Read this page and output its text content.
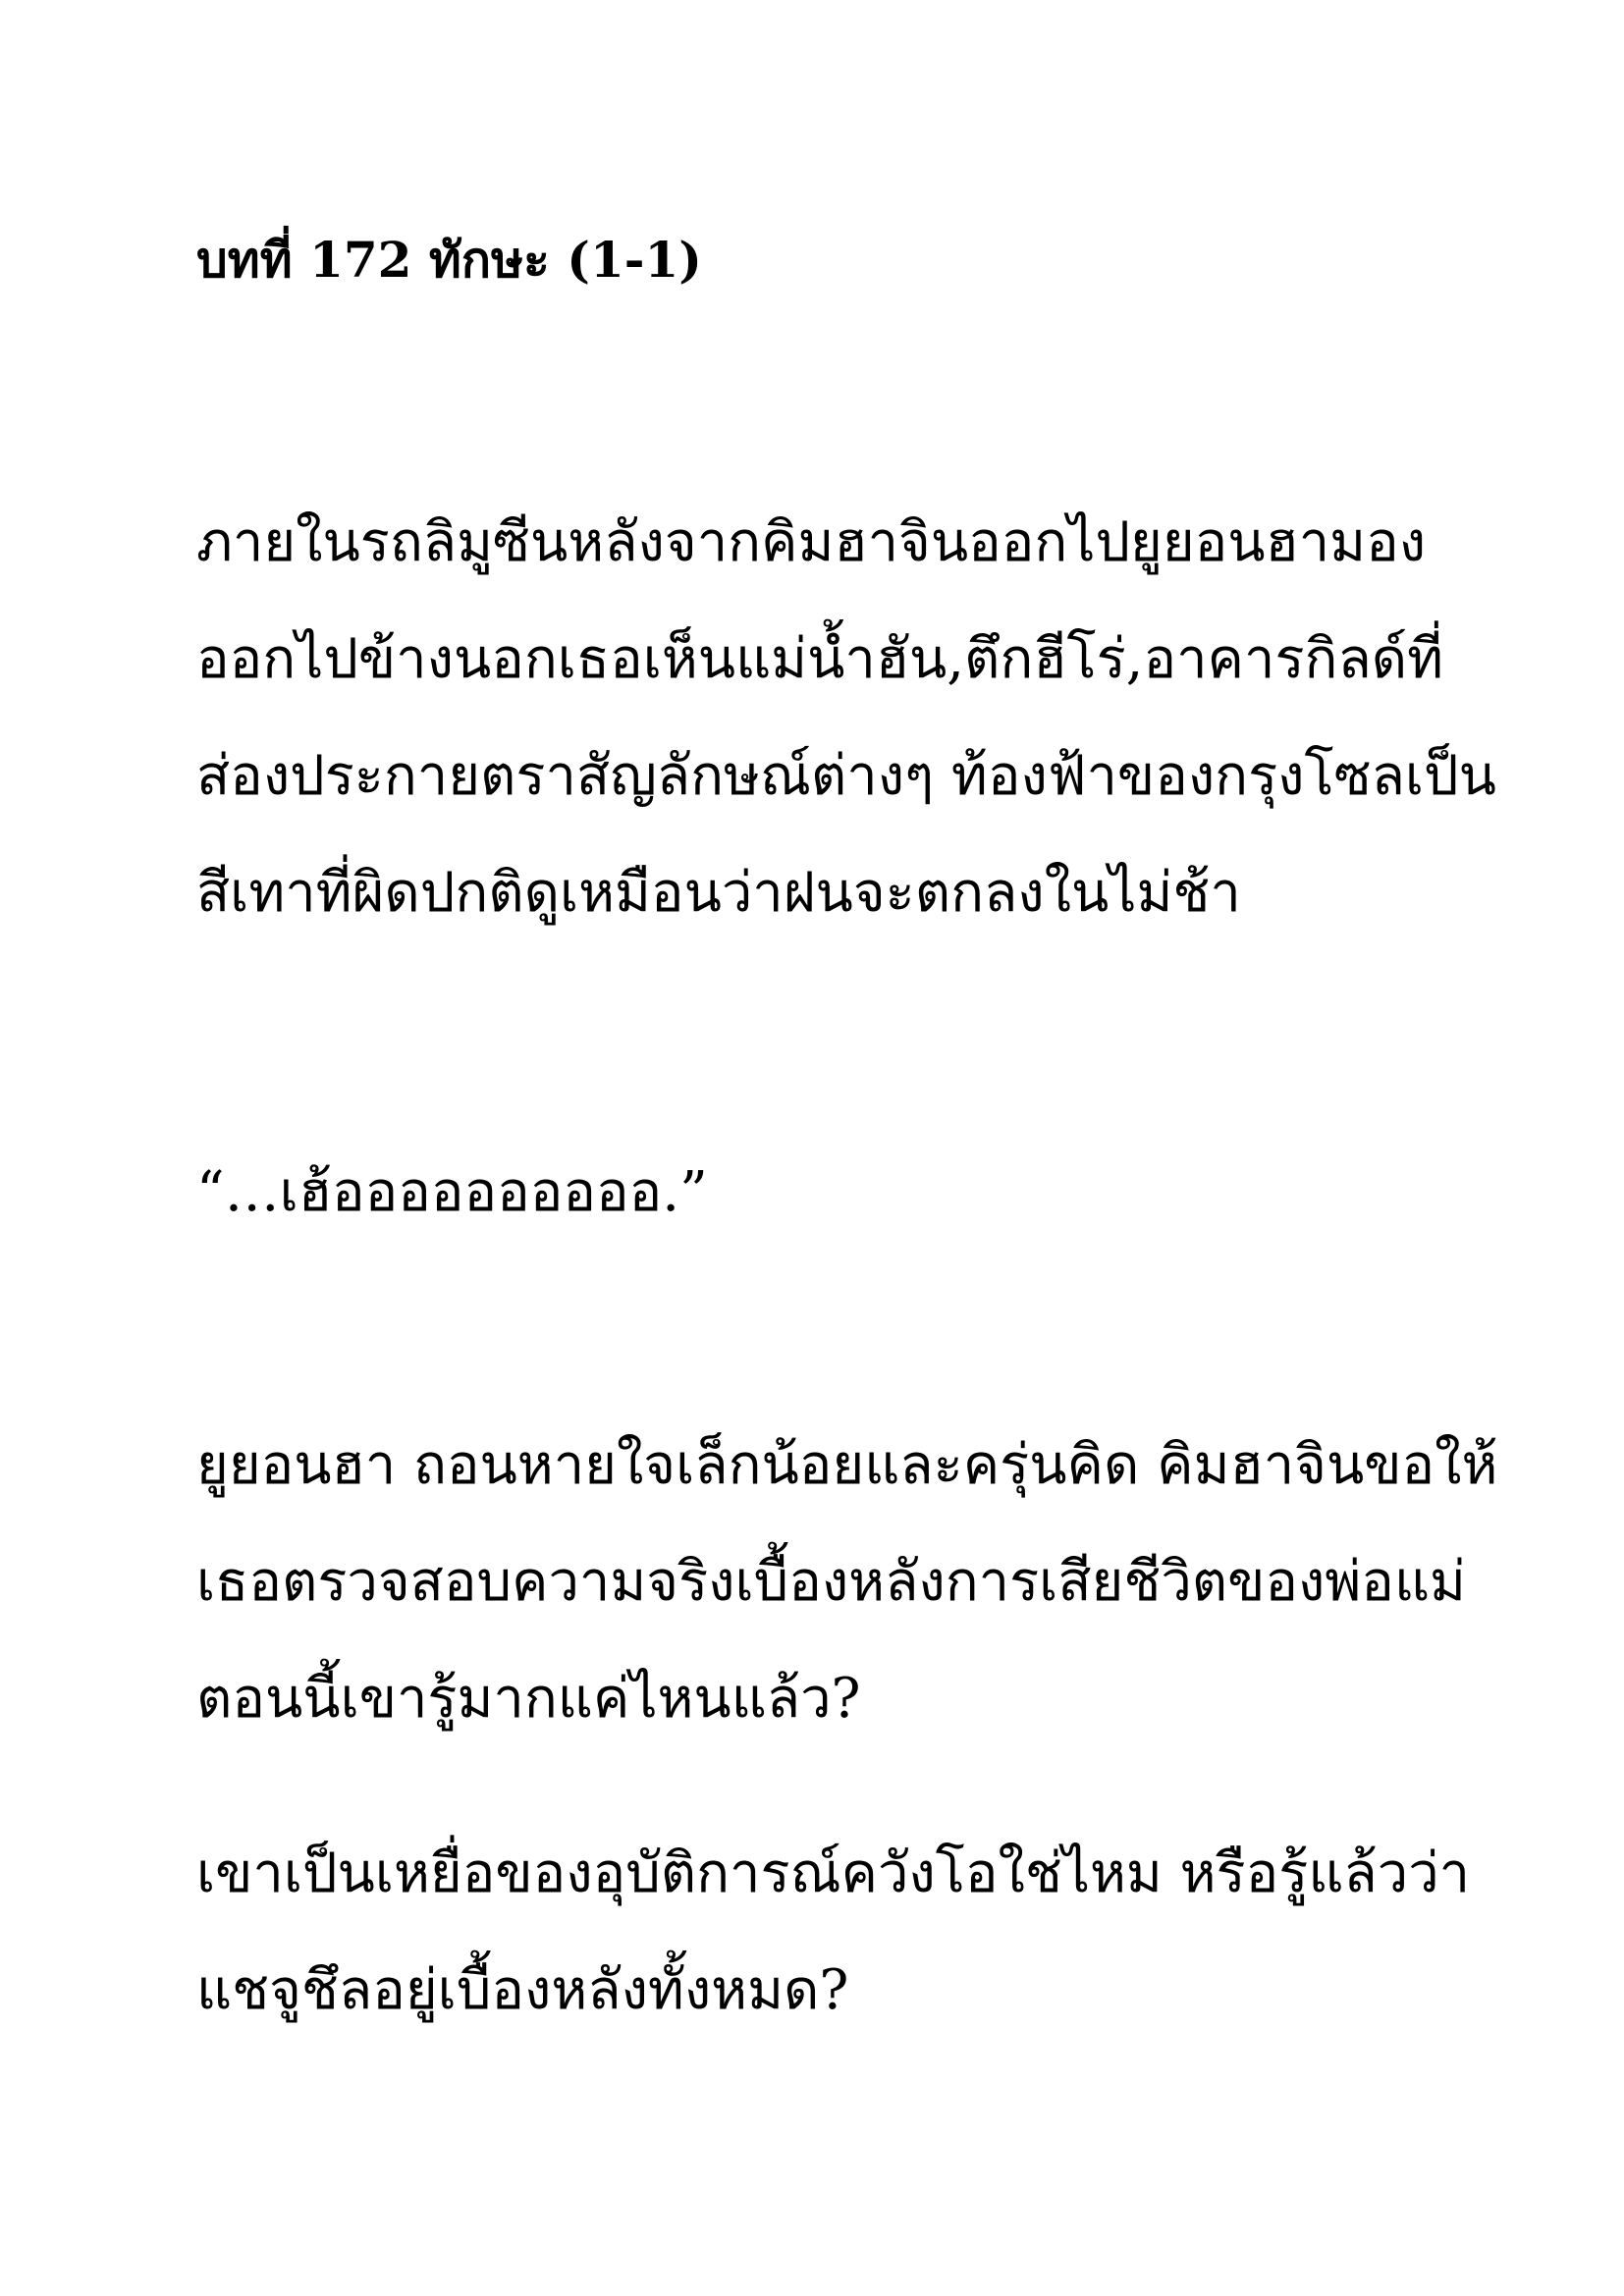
บทที่ 172 ทักษะ (1-1)
ภายในรถลิมูซีนหลังจากคิมฮาจินออกไปยูยอนฮามอง
ออกไปข้างนอกเธอเห็นแม่น้ำฮัน,ตึกฮีโร่,อาคารกิลด์ที่
ส่องประกายตราสัญลักษณ์ต่างๆ ท้องฟ้าของกรุงโซลเป็น
สีเทาที่ผิดปกติดูเหมือนว่าฝนจะตกลงในไม่ช้า
“…เฮ้ออออออออออ.”
ยูยอนฮา ถอนหายใจเล็กน้อยและครุ่นคิด คิมฮาจินขอให้
เธอตรวจสอบความจริงเบื้องหลังการเสียชีวิตของพ่อแม่
ตอนนี้เขารู้มากแค่ไหนแล้ว?
เขาเป็นเหยื่อของอุบัติการณ์ควังโอใช่ไหม หรือรู้แล้วว่า
แชจูชึลอยู่เบื้องหลังทั้งหมด?
